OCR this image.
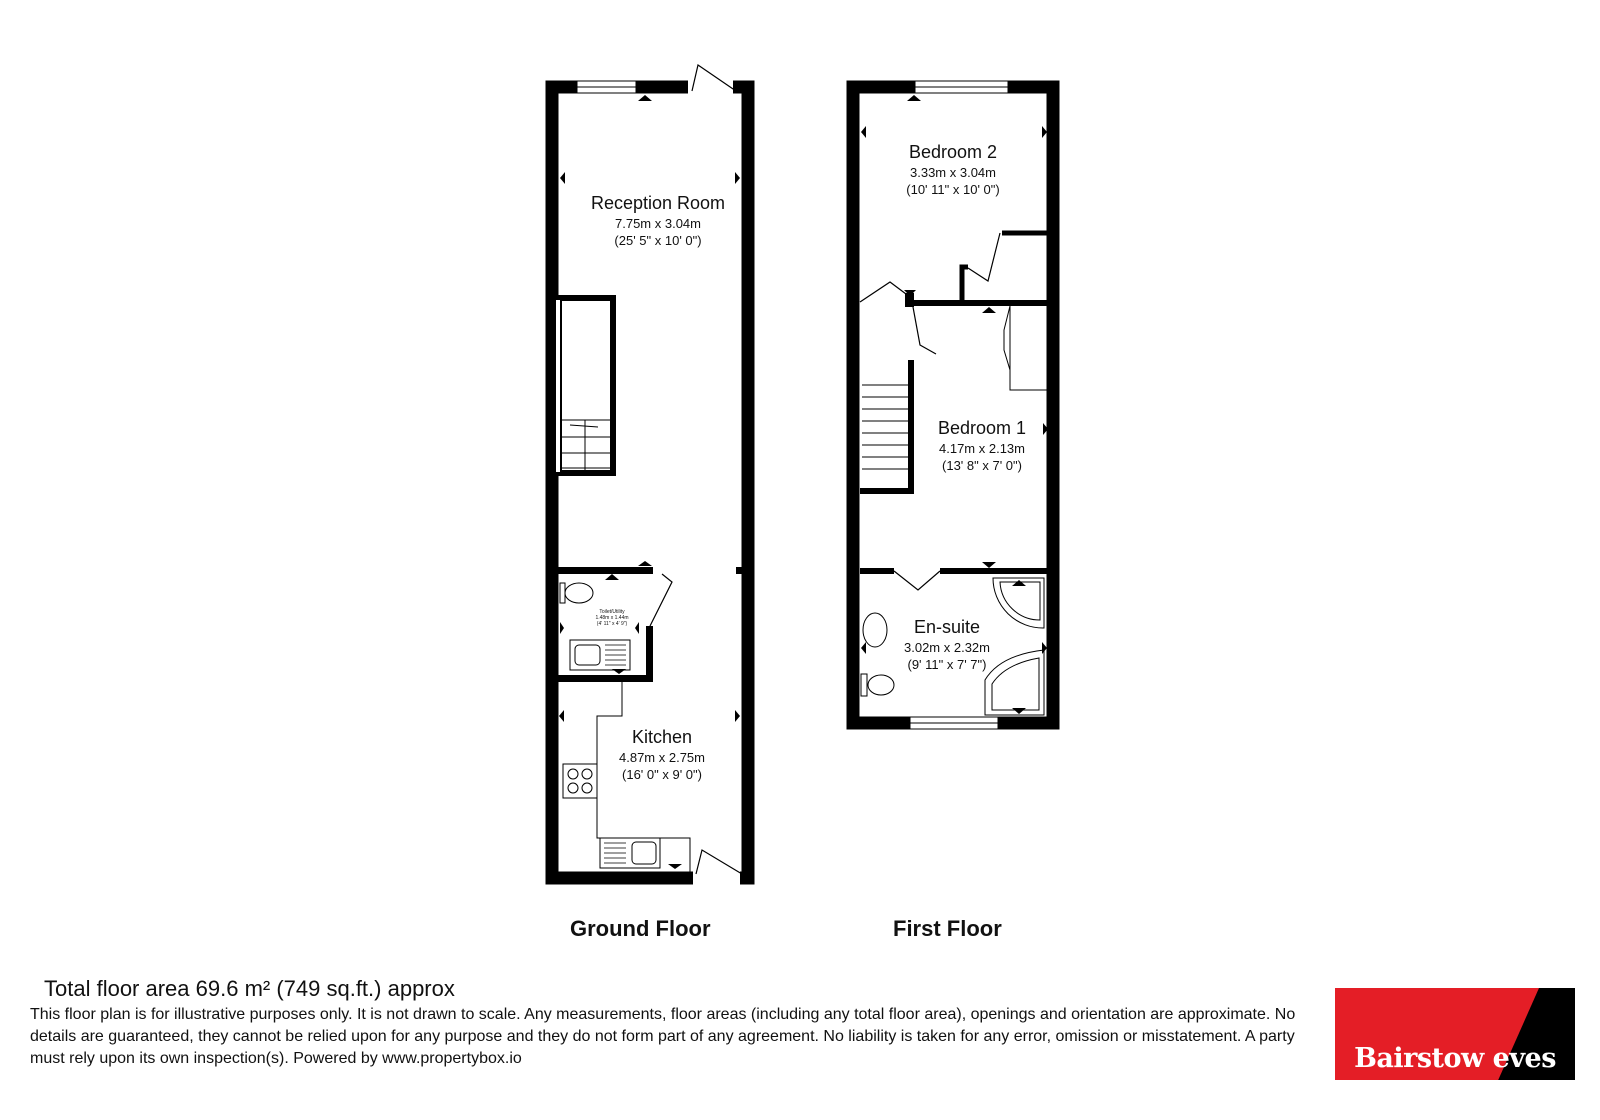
Reception Room
7.75m x 3.04m
(25' 5" x 10' 0")
Toilet/Utility
1.48m x 1.44m
(4' 11" x 4' 9")
Kitchen
4.87m x 2.75m
(16' 0" x 9' 0")
Bedroom 2
3.33m x 3.04m
(10' 11" x 10' 0")
Bedroom 1
4.17m x 2.13m
(13' 8" x 7' 0")
En-suite
3.02m x 2.32m
(9' 11" x 7' 7")
Ground Floor	First Floor
Total floor area 69.6 m² (749 sq.ft.) approx
This floor plan is for illustrative purposes only. It is not drawn to scale. Any measurements, floor areas (including any total floor area), openings and orientation are approximate. No details are guaranteed, they cannot be relied upon for any purpose and they do not form part of any agreement. No liability is taken for any error, omission or misstatement. A party must rely upon its own inspection(s). Powered by www.propertybox.io	Bairstow eves
